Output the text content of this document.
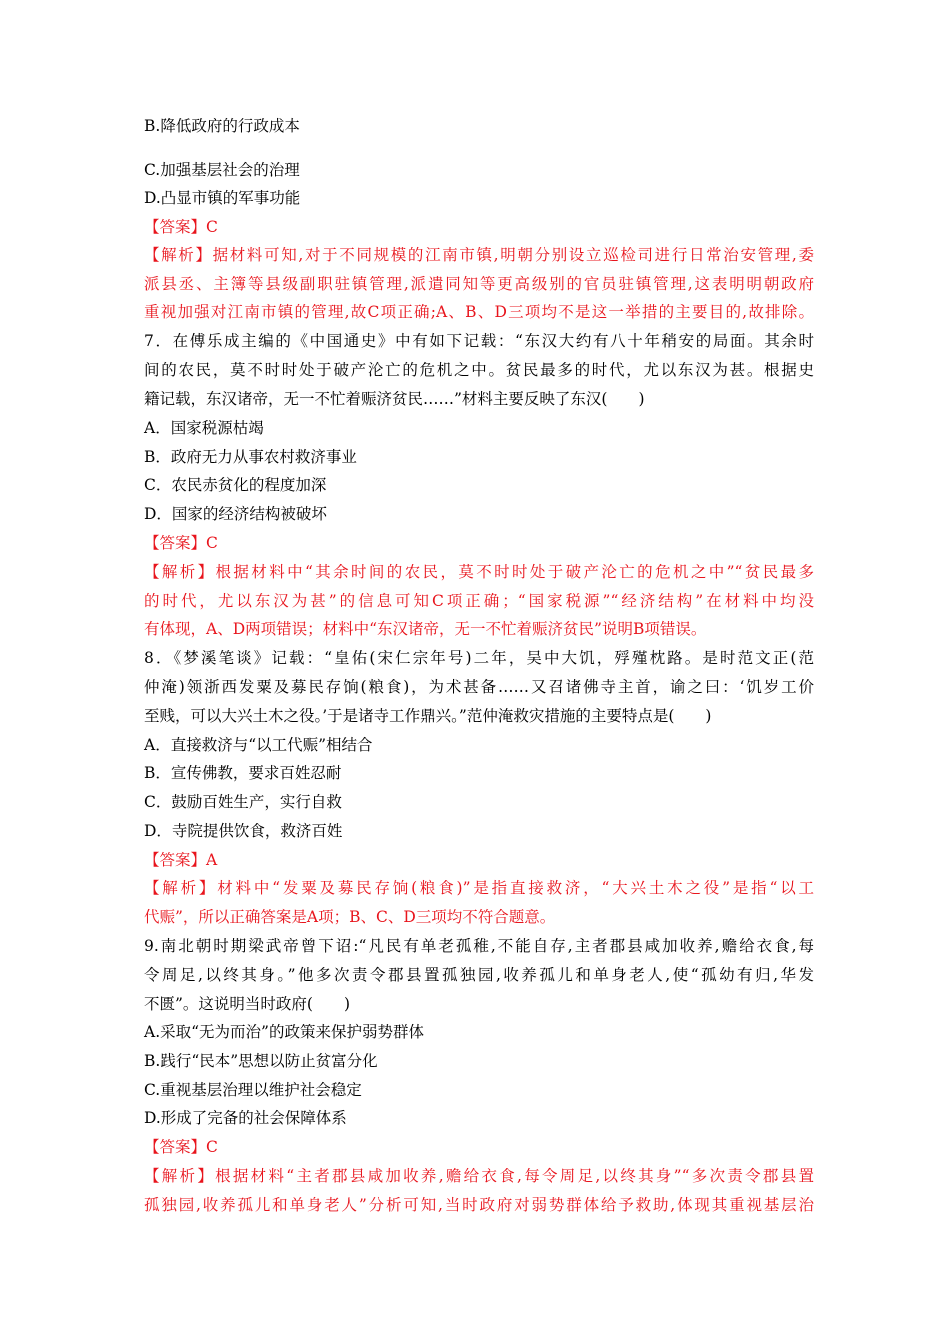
B.降低政府的行政成本
C.加强基层社会的治理
D.凸显市镇的军事功能
【答案】C
【解析】据材料可知,对于不同规模的江南市镇,明朝分别设立巡检司进行日常治安管理,委
派县丞、主簿等县级副职驻镇管理,派遣同知等更高级别的官员驻镇管理,这表明明朝政府
重视加强对江南市镇的管理,故C项正确;A、B、D三项均不是这一举措的主要目的,故排除。
7．在傅乐成主编的《中国通史》中有如下记载：“东汉大约有八十年稍安的局面。其余时
间的农民，莫不时时处于破产沦亡的危机之中。贫民最多的时代，尤以东汉为甚。根据史
籍记载，东汉诸帝，无一不忙着赈济贫民……”材料主要反映了东汉(　　)
A．国家税源枯竭
B．政府无力从事农村救济事业
C．农民赤贫化的程度加深
D．国家的经济结构被破坏
【答案】C
【解析】根据材料中“其余时间的农民，莫不时时处于破产沦亡的危机之中”“贫民最多
的时代，尤以东汉为甚”的信息可知C项正确；“国家税源”“经济结构”在材料中均没
有体现，A、D两项错误；材料中“东汉诸帝，无一不忙着赈济贫民”说明B项错误。
8．《梦溪笔谈》记载：“皇佑(宋仁宗年号)二年，吴中大饥，殍殣枕路。是时范文正(范
仲淹)领浙西发粟及募民存饷(粮食)，为术甚备……又召诸佛寺主首，谕之曰：‘饥岁工价
至贱，可以大兴土木之役。’于是诸寺工作鼎兴。”范仲淹救灾措施的主要特点是(　　)
A．直接救济与“以工代赈”相结合
B．宣传佛教，要求百姓忍耐
C．鼓励百姓生产，实行自救
D．寺院提供饮食，救济百姓
【答案】A
【解析】材料中“发粟及募民存饷(粮食)”是指直接救济，“大兴土木之役”是指“以工
代赈”，所以正确答案是A项；B、C、D三项均不符合题意。
9.南北朝时期梁武帝曾下诏:“凡民有单老孤稚,不能自存,主者郡县咸加收养,赡给衣食,每
令周足,以终其身。”他多次责令郡县置孤独园,收养孤儿和单身老人,使“孤幼有归,华发
不匮”。这说明当时政府(　　)
A.采取“无为而治”的政策来保护弱势群体
B.践行“民本”思想以防止贫富分化
C.重视基层治理以维护社会稳定
D.形成了完备的社会保障体系
【答案】C
【解析】根据材料“主者郡县咸加收养,赡给衣食,每令周足,以终其身”“多次责令郡县置
孤独园,收养孤儿和单身老人”分析可知,当时政府对弱势群体给予救助,体现其重视基层治
